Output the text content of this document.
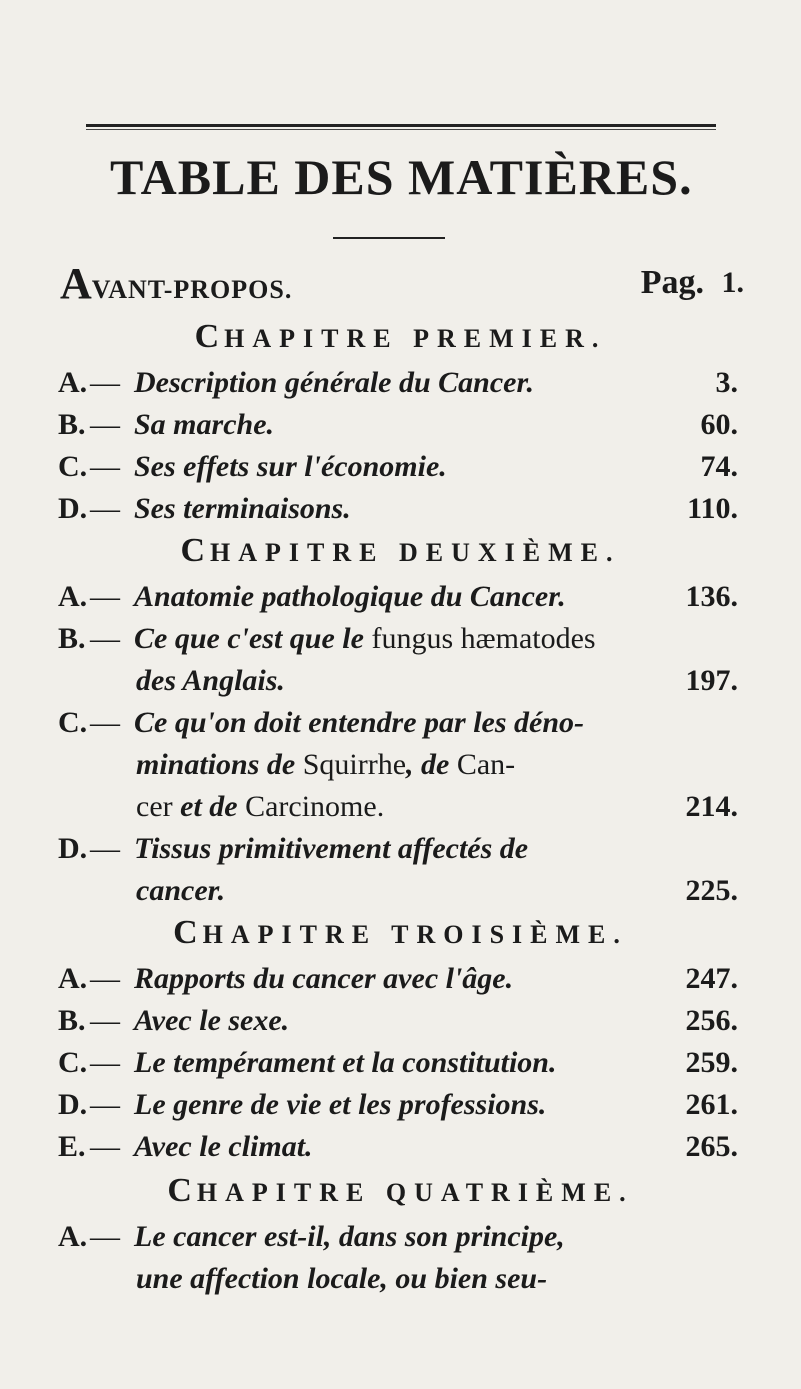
TABLE DES MATIÈRES.
AVANT-PROPOS.	Pag. 1.
CHAPITRE PREMIER.
A.— Description générale du Cancer.	3.
B. — Sa marche.	60.
C.— Ses effets sur l'économie.	74.
D.— Ses terminaisons.	110.
CHAPITRE DEUXIÈME.
A.— Anatomie pathologique du Cancer.	136.
B. — Ce que c'est que le fungus hæmatodes
des Anglais.	197.
C.— Ce qu'on doit entendre par les déno-
minations de Squirrhe, de Can-
cer et de Carcinome.	214.
D.— Tissus primitivement affectés de
cancer.	225.
CHAPITRE TROISIÈME.
A.— Rapports du cancer avec l'âge.	247.
B. — Avec le sexe.	256.
C.— Le tempérament et la constitution.	259.
D.— Le genre de vie et les professions.	261.
E. — Avec le climat.	265.
CHAPITRE QUATRIÈME.
A.— Le cancer est-il, dans son principe,
une affection locale, ou bien seu-
